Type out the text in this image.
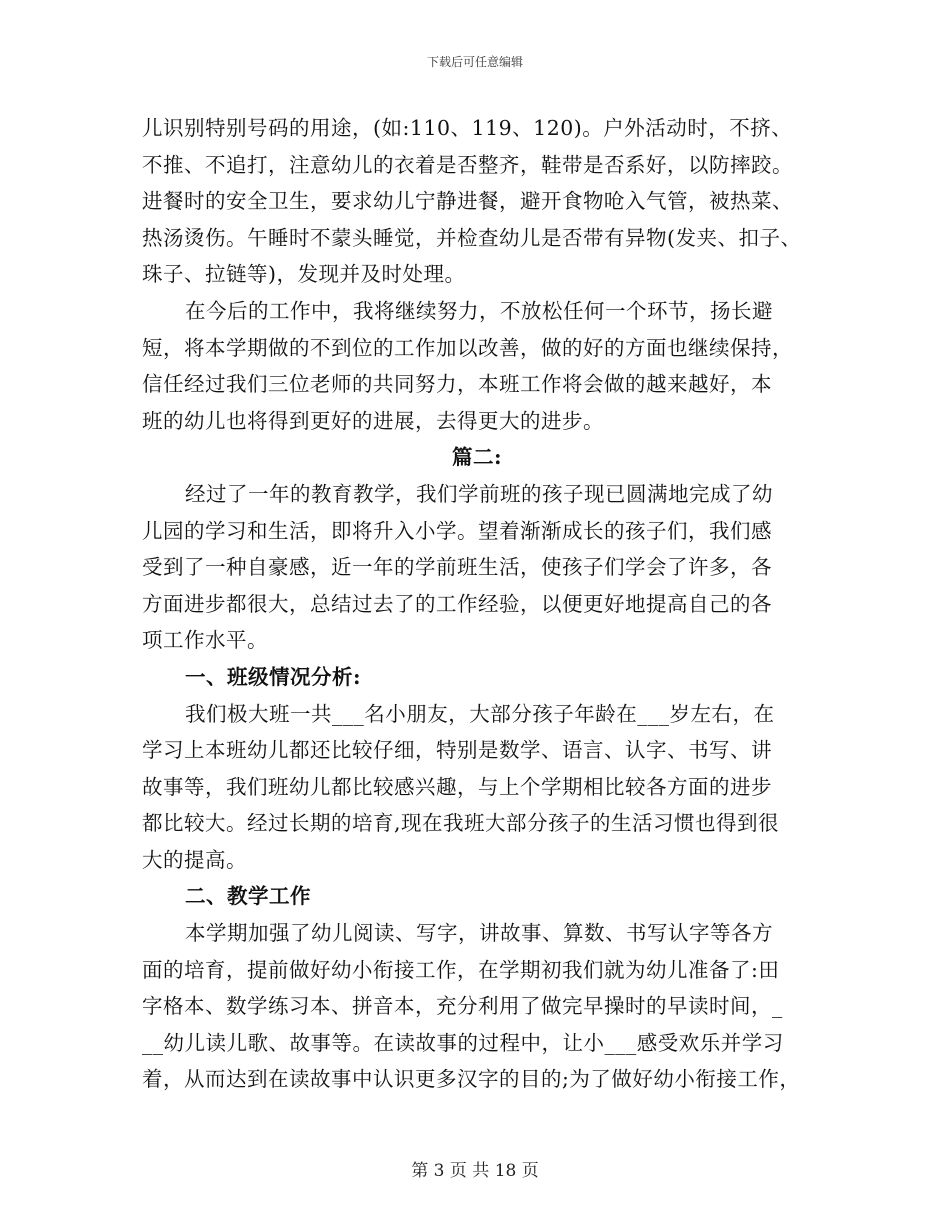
下载后可任意编辑
儿识别特别号码的用途，(如:110、119、120)。户外活动时，不挤、
不推、不追打，注意幼儿的衣着是否整齐，鞋带是否系好，以防摔跤。
进餐时的安全卫生，要求幼儿宁静进餐，避开食物呛入气管，被热菜、
热汤烫伤。午睡时不蒙头睡觉，并检查幼儿是否带有异物(发夹、扣子、
珠子、拉链等)，发现并及时处理。
在今后的工作中，我将继续努力，不放松任何一个环节，扬长避
短，将本学期做的不到位的工作加以改善，做的好的方面也继续保持，
信任经过我们三位老师的共同努力，本班工作将会做的越来越好，本
班的幼儿也将得到更好的进展，去得更大的进步。
篇二:
经过了一年的教育教学，我们学前班的孩子现已圆满地完成了幼
儿园的学习和生活，即将升入小学。望着渐渐成长的孩子们，我们感
受到了一种自豪感，近一年的学前班生活，使孩子们学会了许多，各
方面进步都很大，总结过去了的工作经验，以便更好地提高自己的各
项工作水平。
一、班级情况分析:
我们极大班一共___名小朋友，大部分孩子年龄在___岁左右，在
学习上本班幼儿都还比较仔细，特别是数学、语言、认字、书写、讲
故事等，我们班幼儿都比较感兴趣，与上个学期相比较各方面的进步
都比较大。经过长期的培育,现在我班大部分孩子的生活习惯也得到很
大的提高。
二、教学工作
本学期加强了幼儿阅读、写字，讲故事、算数、书写认字等各方
面的培育，提前做好幼小衔接工作，在学期初我们就为幼儿准备了:田
字格本、数学练习本、拼音本，充分利用了做完早操时的早读时间，_
__幼儿读儿歌、故事等。在读故事的过程中，让小___感受欢乐并学习
着，从而达到在读故事中认识更多汉字的目的;为了做好幼小衔接工作，
第 3 页 共 18 页
